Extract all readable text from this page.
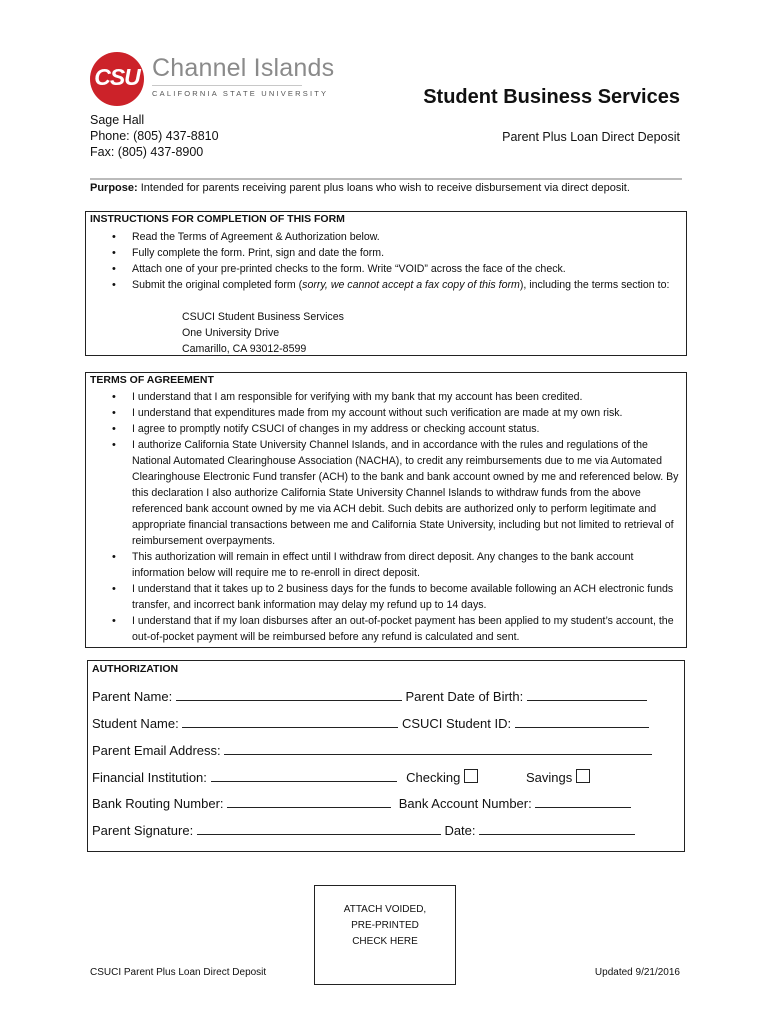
CSU Channel Islands
CALIFORNIA STATE UNIVERSITY	Student Business Services
Sage Hall
Phone: (805) 437-8810
Fax: (805) 437-8900
Parent Plus Loan Direct Deposit
Purpose: Intended for parents receiving parent plus loans who wish to receive disbursement via direct deposit.
INSTRUCTIONS FOR COMPLETION OF THIS FORM
• Read the Terms of Agreement & Authorization below.
• Fully complete the form. Print, sign and date the form.
• Attach one of your pre-printed checks to the form. Write “VOID” across the face of the check.
• Submit the original completed form (sorry, we cannot accept a fax copy of this form), including the terms section to:
CSUCI Student Business Services
One University Drive
Camarillo, CA 93012-8599
TERMS OF AGREEMENT
• I understand that I am responsible for verifying with my bank that my account has been credited.
• I understand that expenditures made from my account without such verification are made at my own risk.
• I agree to promptly notify CSUCI of changes in my address or checking account status.
• I authorize California State University Channel Islands, and in accordance with the rules and regulations of the National Automated Clearinghouse Association (NACHA), to credit any reimbursements due to me via Automated Clearinghouse Electronic Fund transfer (ACH) to the bank and bank account owned by me and referenced below. By this declaration I also authorize California State University Channel Islands to withdraw funds from the above referenced bank account owned by me via ACH debit. Such debits are authorized only to perform legitimate and appropriate financial transactions between me and California State University, including but not limited to retrieval of reimbursement overpayments.
• This authorization will remain in effect until I withdraw from direct deposit. Any changes to the bank account information below will require me to re-enroll in direct deposit.
• I understand that it takes up to 2 business days for the funds to become available following an ACH electronic funds transfer, and incorrect bank information may delay my refund up to 14 days.
• I understand that if my loan disburses after an out-of-pocket payment has been applied to my student’s account, the out-of-pocket payment will be reimbursed before any refund is calculated and sent.
AUTHORIZATION
Parent Name:	Parent Date of Birth:
Student Name:	CSUCI Student ID:
Parent Email Address:
Financial Institution:	Checking	Savings
Bank Routing Number:	Bank Account Number:
Parent Signature:	Date:
ATTACH VOIDED,
PRE-PRINTED
CHECK HERE
CSUCI Parent Plus Loan Direct Deposit	Updated 9/21/2016
